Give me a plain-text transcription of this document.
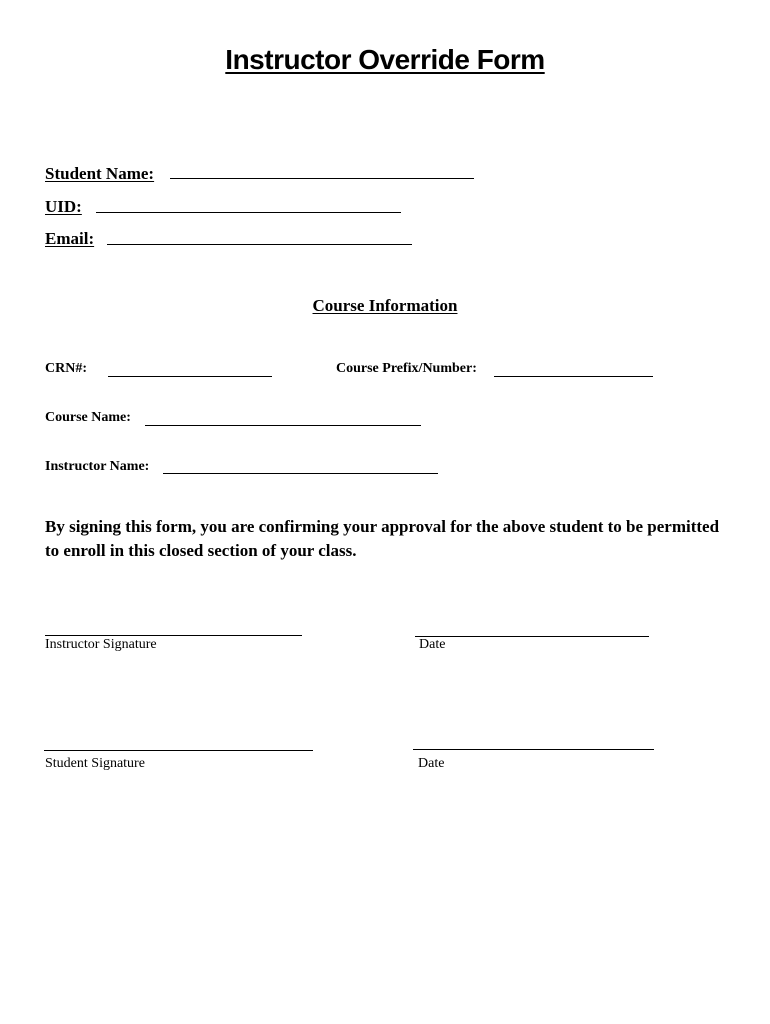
Instructor Override Form
Student Name:
UID:
Email:
Course Information
CRN#:	Course Prefix/Number:
Course Name:
Instructor Name:
By signing this form, you are confirming your approval for the above student to be permitted to enroll in this closed section of your class.
Instructor Signature	Date
Student Signature	Date
